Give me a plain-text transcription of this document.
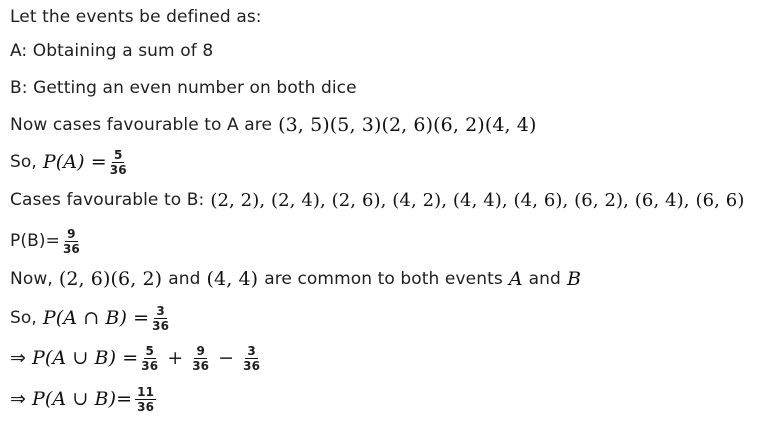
Let the events be defined as:
A: Obtaining a sum of 8
B: Getting an even number on both dice
Now cases favourable to A are (3, 5)(5, 3)(2, 6)(6, 2)(4, 4)
So, $P(A) = \frac{5}{36}$
Cases favourable to B: (2, 2), (2, 4), (2, 6), (4, 2), (4, 4), (4, 6), (6, 2), (6, 4), (6, 6)
$P(B)= \frac{9}{36}$
Now, (2, 6)(6, 2) and (4, 4) are common to both events A and B
So, P(A ∩ $B) = \frac{3}{36}$
⇒ P(A ∪ $B) = \frac{5}{36} + \frac{9}{36} - \frac{3}{36}$
⇒ P(A ∪ $B)= \frac{11}{36}$
